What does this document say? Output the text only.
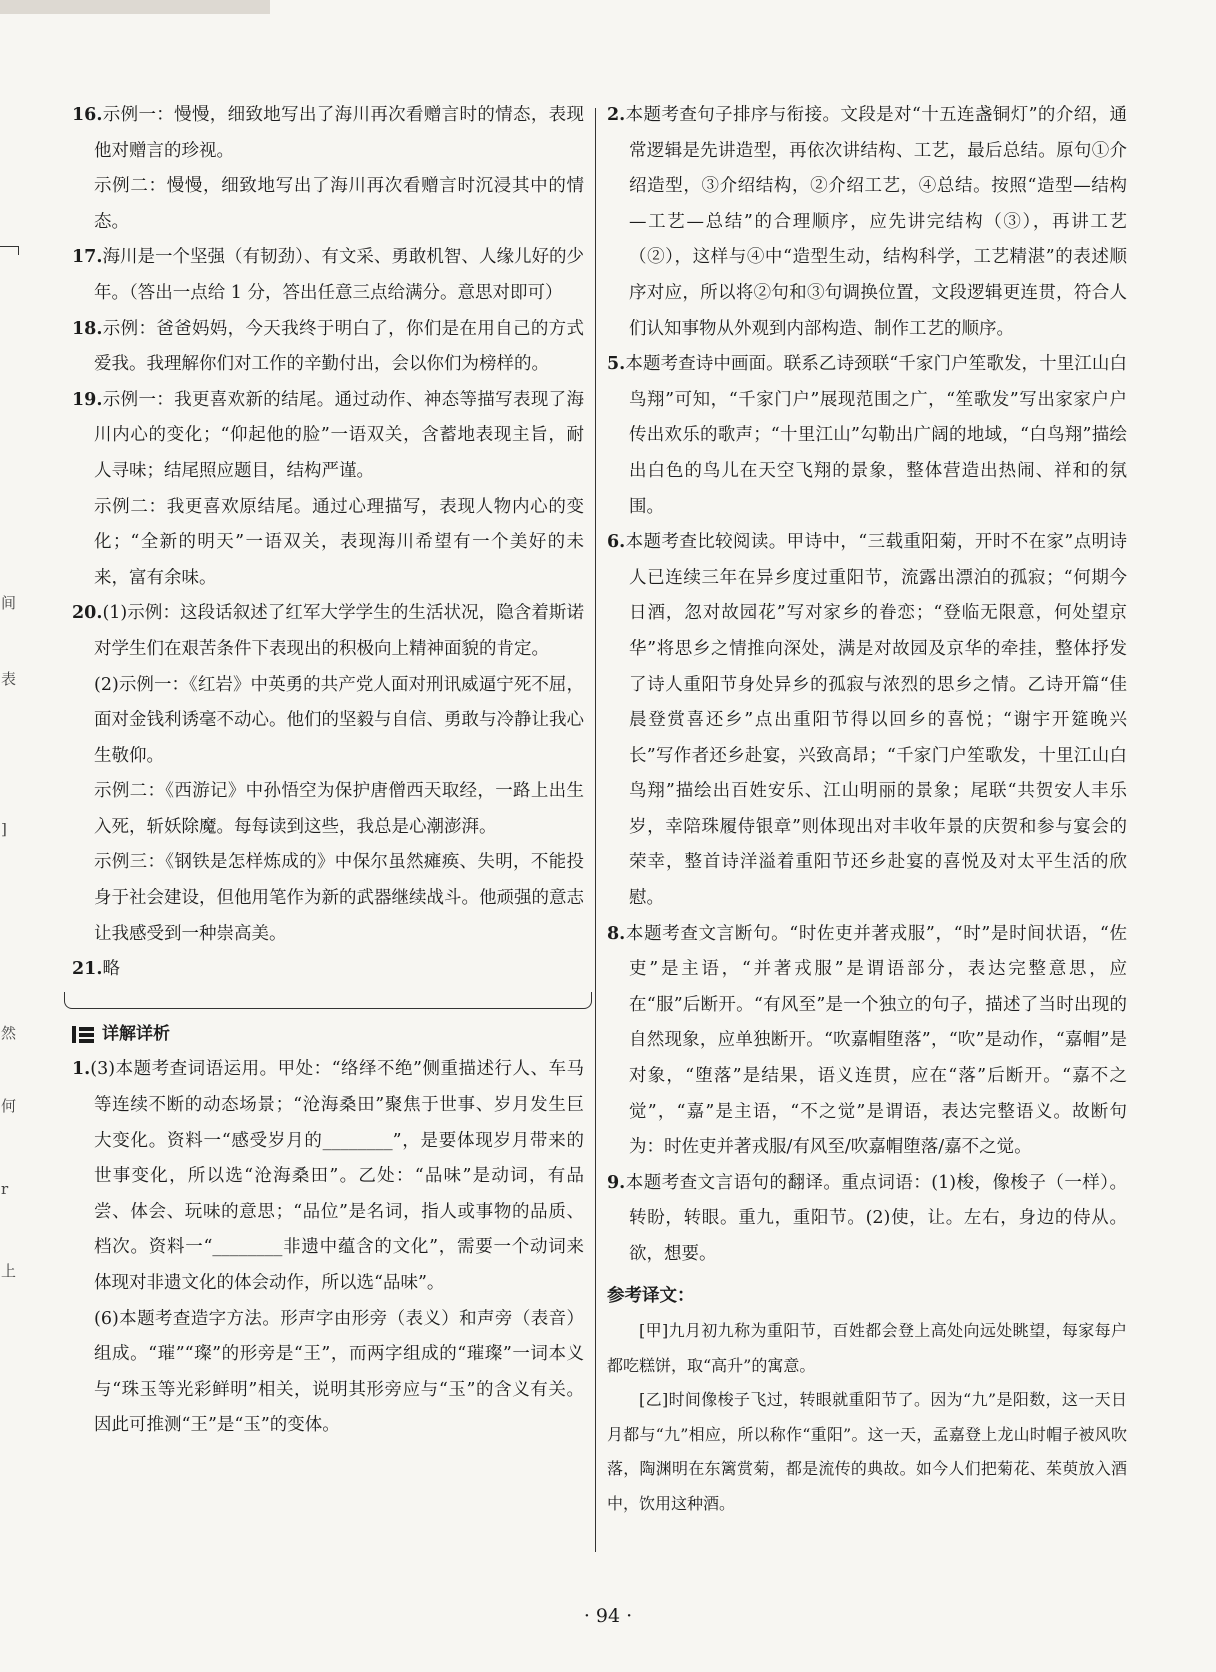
间
表
]
然
何
r
上

16.示例一：慢慢，细致地写出了海川再次看赠言时的情态，表现他对赠言的珍视。

示例二：慢慢，细致地写出了海川再次看赠言时沉浸其中的情态。

17.海川是一个坚强（有韧劲）、有文采、勇敢机智、人缘儿好的少年。（答出一点给 1 分，答出任意三点给满分。意思对即可）

18.示例：爸爸妈妈，今天我终于明白了，你们是在用自己的方式爱我。我理解你们对工作的辛勤付出，会以你们为榜样的。

19.示例一：我更喜欢新的结尾。通过动作、神态等描写表现了海川内心的变化；“仰起他的脸”一语双关，含蓄地表现主旨，耐人寻味；结尾照应题目，结构严谨。

示例二：我更喜欢原结尾。通过心理描写，表现人物内心的变化；“全新的明天”一语双关，表现海川希望有一个美好的未来，富有余味。

20.(1)示例：这段话叙述了红军大学学生的生活状况，隐含着斯诺对学生们在艰苦条件下表现出的积极向上精神面貌的肯定。

(2)示例一：《红岩》中英勇的共产党人面对刑讯威逼宁死不屈，面对金钱利诱毫不动心。他们的坚毅与自信、勇敢与冷静让我心生敬仰。

示例二：《西游记》中孙悟空为保护唐僧西天取经，一路上出生入死，斩妖除魔。每每读到这些，我总是心潮澎湃。

示例三：《钢铁是怎样炼成的》中保尔虽然瘫痪、失明，不能投身于社会建设，但他用笔作为新的武器继续战斗。他顽强的意志让我感受到一种崇高美。

21.略

详解详析

1.(3)本题考查词语运用。甲处：“络绎不绝”侧重描述行人、车马等连续不断的动态场景；“沧海桑田”聚焦于世事、岁月发生巨大变化。资料一“感受岁月的________”，是要体现岁月带来的世事变化，所以选“沧海桑田”。乙处：“品味”是动词，有品尝、体会、玩味的意思；“品位”是名词，指人或事物的品质、档次。资料一“________非遗中蕴含的文化”，需要一个动词来体现对非遗文化的体会动作，所以选“品味”。

(6)本题考查造字方法。形声字由形旁（表义）和声旁（表音）组成。“璀”“璨”的形旁是“王”，而两字组成的“璀璨”一词本义与“珠玉等光彩鲜明”相关，说明其形旁应与“玉”的含义有关。因此可推测“王”是“玉”的变体。

2.本题考查句子排序与衔接。文段是对“十五连盏铜灯”的介绍，通常逻辑是先讲造型，再依次讲结构、工艺，最后总结。原句①介绍造型，③介绍结构，②介绍工艺，④总结。按照“造型—结构—工艺—总结”的合理顺序，应先讲完结构（③），再讲工艺（②），这样与④中“造型生动，结构科学，工艺精湛”的表述顺序对应，所以将②句和③句调换位置，文段逻辑更连贯，符合人们认知事物从外观到内部构造、制作工艺的顺序。

5.本题考查诗中画面。联系乙诗颈联“千家门户笙歌发，十里江山白鸟翔”可知，“千家门户”展现范围之广，“笙歌发”写出家家户户传出欢乐的歌声；“十里江山”勾勒出广阔的地域，“白鸟翔”描绘出白色的鸟儿在天空飞翔的景象，整体营造出热闹、祥和的氛围。

6.本题考查比较阅读。甲诗中，“三载重阳菊，开时不在家”点明诗人已连续三年在异乡度过重阳节，流露出漂泊的孤寂；“何期今日酒，忽对故园花”写对家乡的眷恋；“登临无限意，何处望京华”将思乡之情推向深处，满是对故园及京华的牵挂，整体抒发了诗人重阳节身处异乡的孤寂与浓烈的思乡之情。乙诗开篇“佳晨登赏喜还乡”点出重阳节得以回乡的喜悦；“谢宇开筵晚兴长”写作者还乡赴宴，兴致高昂；“千家门户笙歌发，十里江山白鸟翔”描绘出百姓安乐、江山明丽的景象；尾联“共贺安人丰乐岁，幸陪珠履侍银章”则体现出对丰收年景的庆贺和参与宴会的荣幸，整首诗洋溢着重阳节还乡赴宴的喜悦及对太平生活的欣慰。

8.本题考查文言断句。“时佐吏并著戎服”，“时”是时间状语，“佐吏”是主语，“并著戎服”是谓语部分，表达完整意思，应在“服”后断开。“有风至”是一个独立的句子，描述了当时出现的自然现象，应单独断开。“吹嘉帽堕落”，“吹”是动作，“嘉帽”是对象，“堕落”是结果，语义连贯，应在“落”后断开。“嘉不之觉”，“嘉”是主语，“不之觉”是谓语，表达完整语义。故断句为：时佐吏并著戎服/有风至/吹嘉帽堕落/嘉不之觉。

9.本题考查文言语句的翻译。重点词语：(1)梭，像梭子（一样）。转盼，转眼。重九，重阳节。(2)使，让。左右，身边的侍从。欲，想要。

参考译文：

[甲]九月初九称为重阳节，百姓都会登上高处向远处眺望，每家每户都吃糕饼，取“高升”的寓意。

[乙]时间像梭子飞过，转眼就重阳节了。因为“九”是阳数，这一天日月都与“九”相应，所以称作“重阳”。这一天，孟嘉登上龙山时帽子被风吹落，陶渊明在东篱赏菊，都是流传的典故。如今人们把菊花、茱萸放入酒中，饮用这种酒。

· 94 ·
